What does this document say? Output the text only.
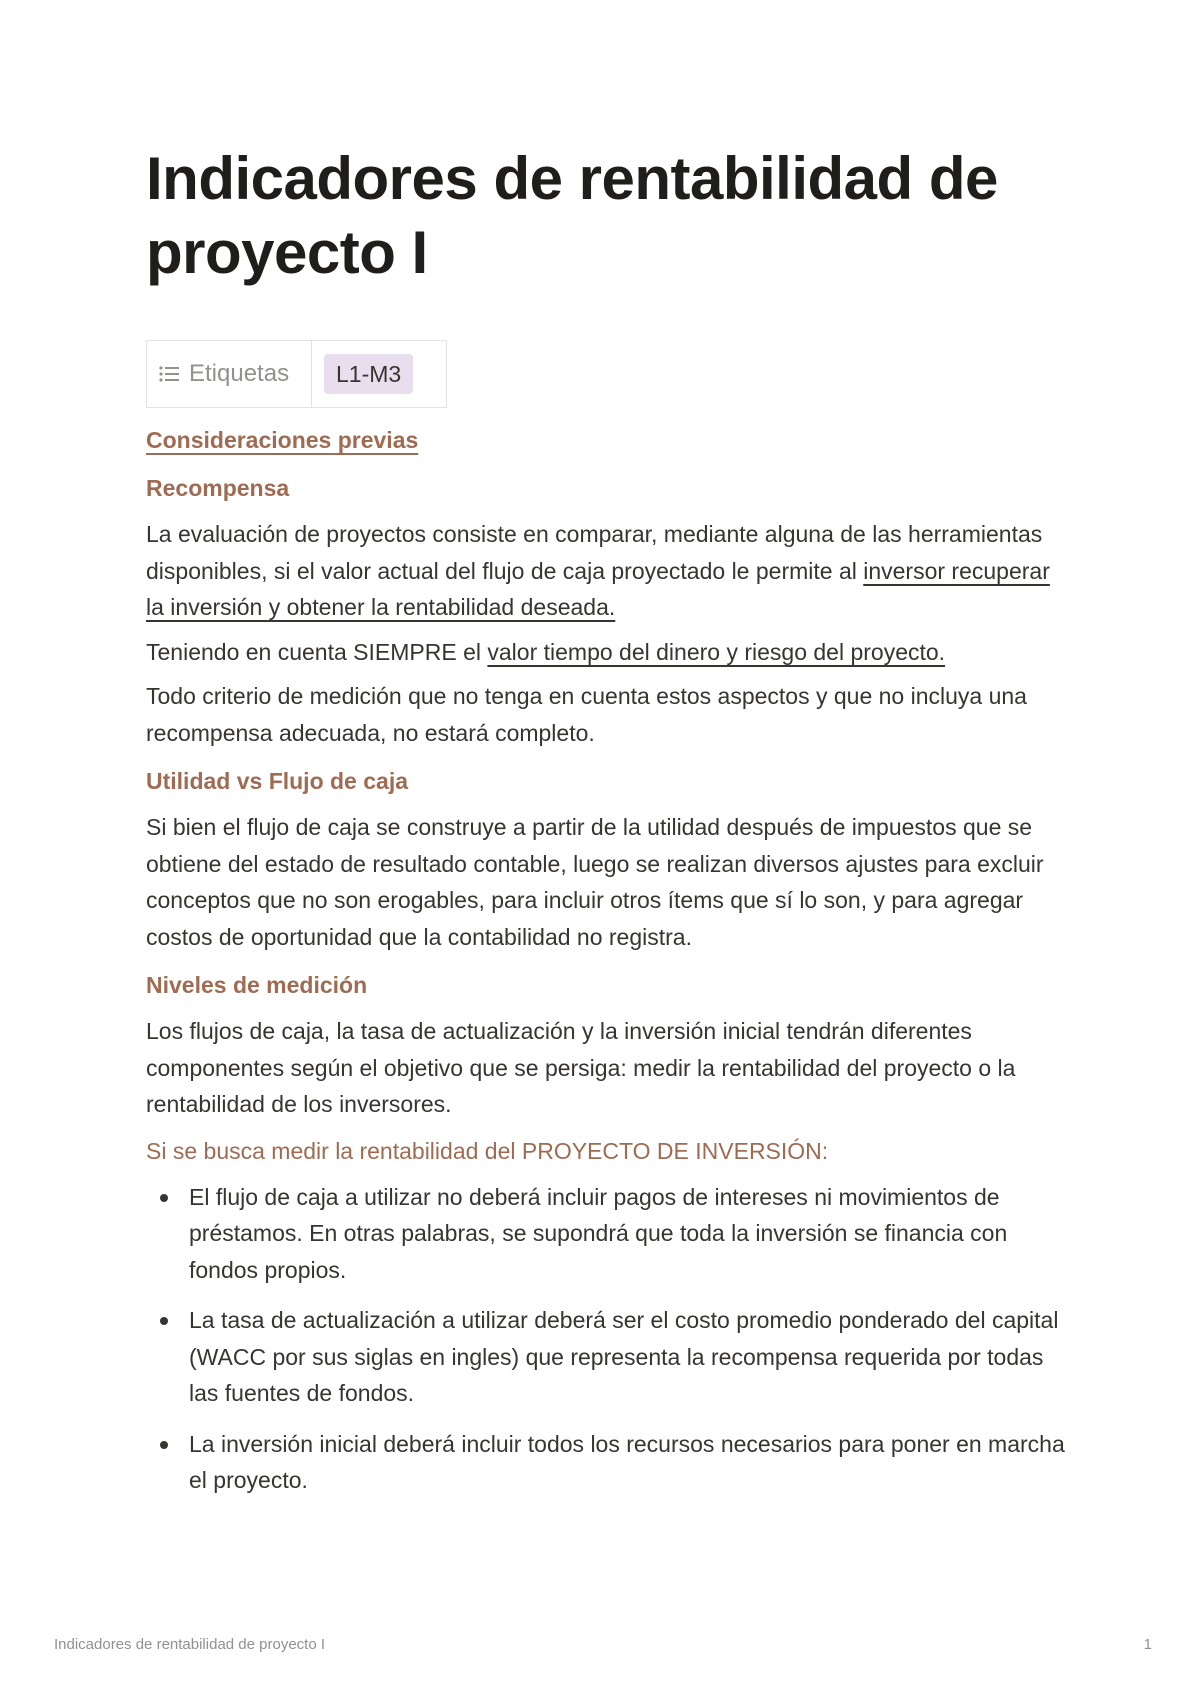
Indicadores de rentabilidad de proyecto I
Etiquetas	L1-M3
Consideraciones previas
Recompensa

La evaluación de proyectos consiste en comparar, mediante alguna de las herramientas disponibles, si el valor actual del flujo de caja proyectado le permite al inversor recuperar la inversión y obtener la rentabilidad deseada.

Teniendo en cuenta SIEMPRE el valor tiempo del dinero y riesgo del proyecto.

Todo criterio de medición que no tenga en cuenta estos aspectos y que no incluya una recompensa adecuada, no estará completo.

Utilidad vs Flujo de caja

Si bien el flujo de caja se construye a partir de la utilidad después de impuestos que se obtiene del estado de resultado contable, luego se realizan diversos ajustes para excluir conceptos que no son erogables, para incluir otros ítems que sí lo son, y para agregar costos de oportunidad que la contabilidad no registra.

Niveles de medición

Los flujos de caja, la tasa de actualización y la inversión inicial tendrán diferentes componentes según el objetivo que se persiga: medir la rentabilidad del proyecto o la rentabilidad de los inversores.

Si se busca medir la rentabilidad del PROYECTO DE INVERSIÓN:

El flujo de caja a utilizar no deberá incluir pagos de intereses ni movimientos de préstamos. En otras palabras, se supondrá que toda la inversión se financia con fondos propios.
La tasa de actualización a utilizar deberá ser el costo promedio ponderado del capital (WACC por sus siglas en ingles) que representa la recompensa requerida por todas las fuentes de fondos.
La inversión inicial deberá incluir todos los recursos necesarios para poner en marcha el proyecto.
Indicadores de rentabilidad de proyecto I	1
